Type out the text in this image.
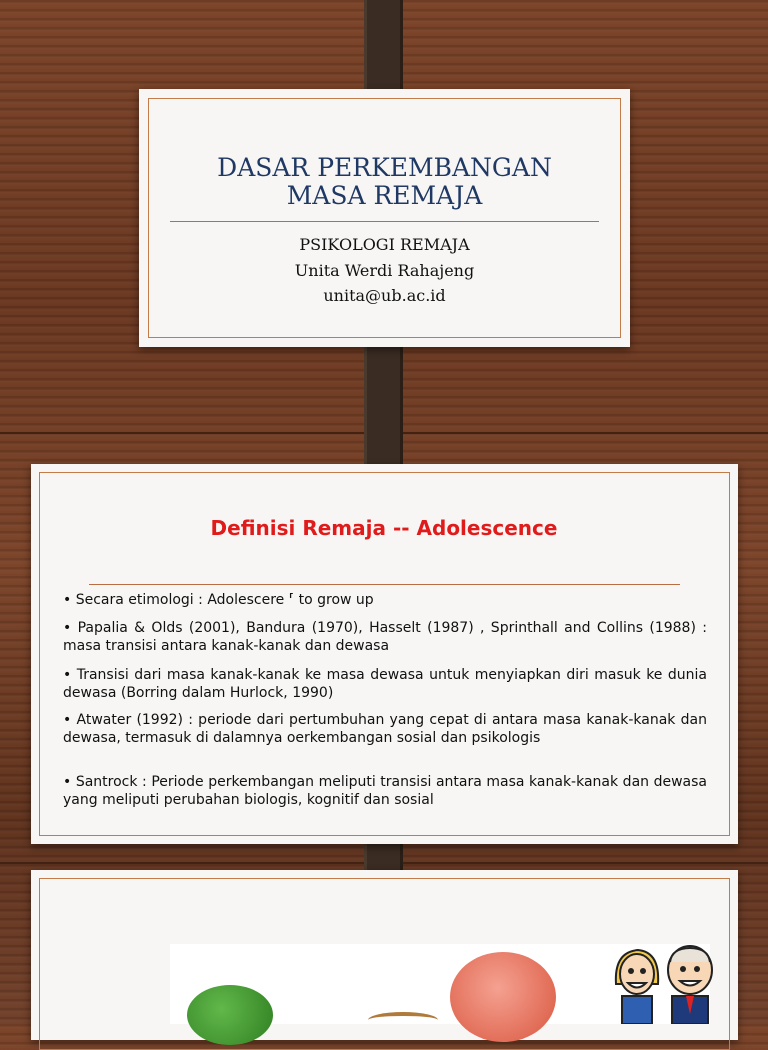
DASAR PERKEMBANGAN
MASA REMAJA
PSIKOLOGI REMAJA
Unita Werdi Rahajeng
unita@ub.ac.id
Definisi Remaja -- Adolescence
• Secara etimologi : Adolescere ⸢ to grow up
• Papalia & Olds (2001), Bandura (1970), Hasselt (1987) , Sprinthall and Collins (1988) : masa transisi antara kanak-kanak dan dewasa
• Transisi dari masa kanak-kanak ke masa dewasa untuk menyiapkan diri masuk ke dunia dewasa (Borring dalam Hurlock, 1990)
• Atwater (1992) : periode dari pertumbuhan yang cepat di antara masa kanak-kanak dan dewasa, termasuk di dalamnya oerkembangan sosial dan psikologis
• Santrock : Periode perkembangan meliputi transisi antara masa kanak-kanak dan dewasa yang meliputi perubahan biologis, kognitif dan sosial
